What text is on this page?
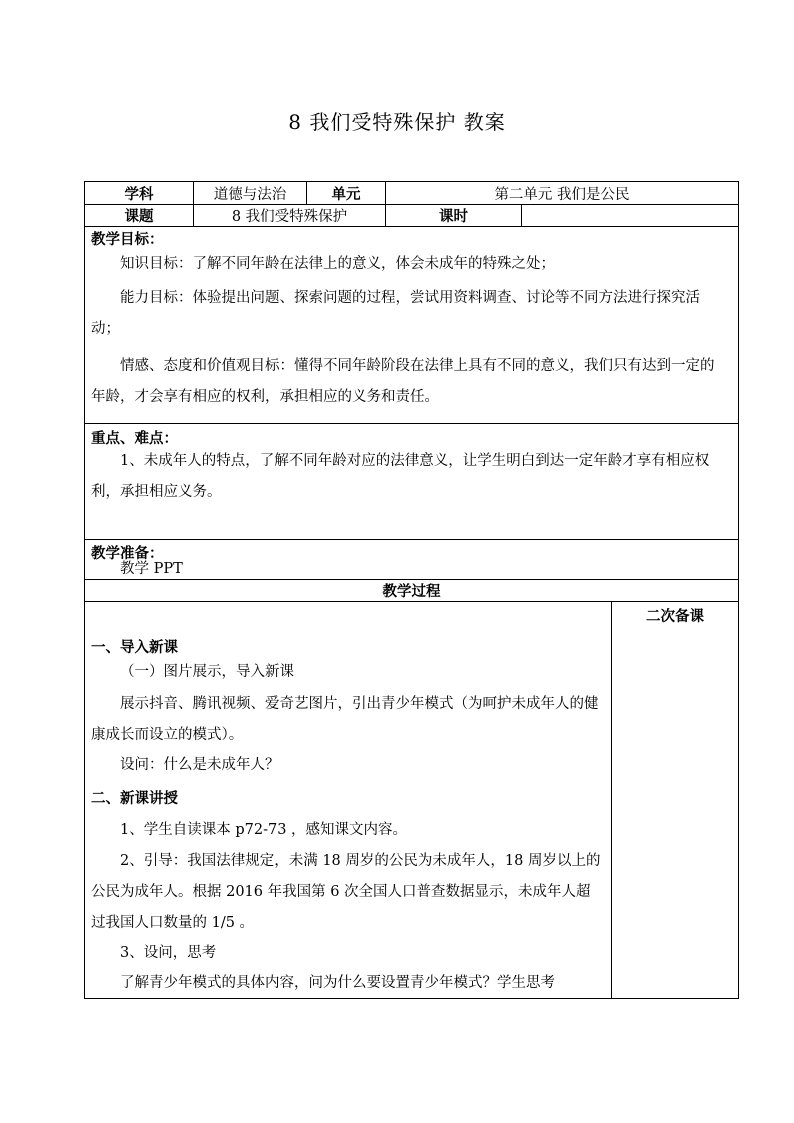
8 我们受特殊保护 教案
学科	道德与法治	单元	第二单元 我们是公民
课题	8 我们受特殊保护	课时
教学目标：
知识目标：了解不同年龄在法律上的意义，体会未成年的特殊之处；
能力目标：体验提出问题、探索问题的过程，尝试用资料调查、讨论等不同方法进行探究活动；
情感、态度和价值观目标：懂得不同年龄阶段在法律上具有不同的意义，我们只有达到一定的年龄，才会享有相应的权利，承担相应的义务和责任。
重点、难点：
1、未成年人的特点，了解不同年龄对应的法律意义，让学生明白到达一定年龄才享有相应权利，承担相应义务。
教学准备：
教学 PPT
教学过程
一、导入新课
（一）图片展示，导入新课
展示抖音、腾讯视频、爱奇艺图片，引出青少年模式（为呵护未成年人的健康成长而设立的模式）。
设问：什么是未成年人？
二、新课讲授
1、学生自读课本 p72-73 ，感知课文内容。
2、引导：我国法律规定，未满 18 周岁的公民为未成年人，18 周岁以上的公民为成年人。根据 2016 年我国第 6 次全国人口普查数据显示，未成年人超过我国人口数量的 1/5 。
3、设问，思考
了解青少年模式的具体内容，问为什么要设置青少年模式？学生思考
二次备课
